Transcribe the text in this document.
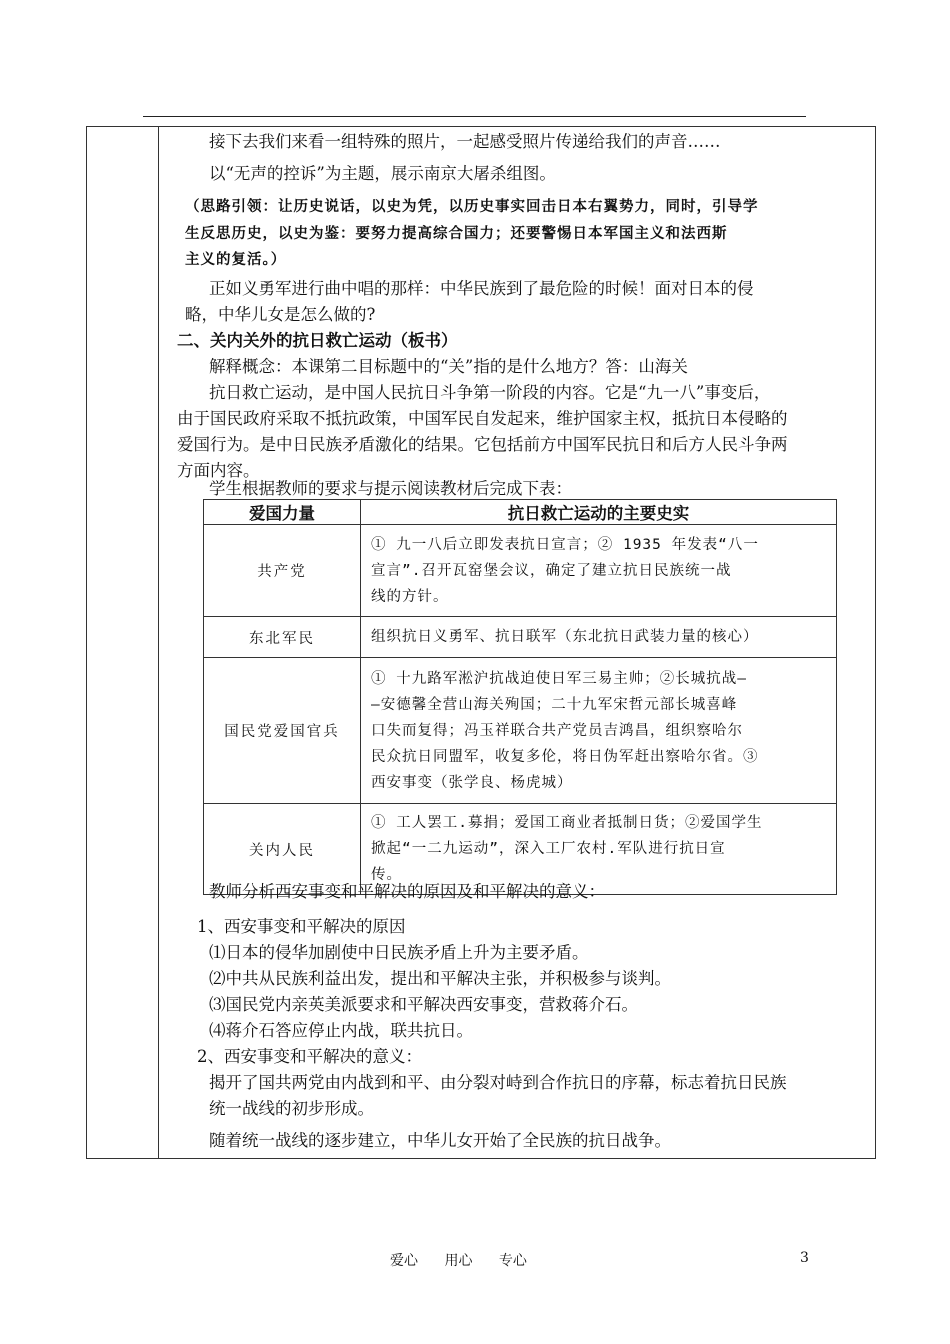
接下去我们来看一组特殊的照片，一起感受照片传递给我们的声音……
以“无声的控诉”为主题，展示南京大屠杀组图。
（思路引领：让历史说话，以史为凭，以历史事实回击日本右翼势力，同时，引导学
生反思历史，以史为鉴：要努力提高综合国力；还要警惕日本军国主义和法西斯
主义的复活。）
正如义勇军进行曲中唱的那样：中华民族到了最危险的时候！面对日本的侵
略，中华儿女是怎么做的?
二、关内关外的抗日救亡运动（板书）
解释概念：本课第二目标题中的“关”指的是什么地方？答：山海关
抗日救亡运动，是中国人民抗日斗争第一阶段的内容。它是“九一八”事变后，
由于国民政府采取不抵抗政策，中国军民自发起来，维护国家主权，抵抗日本侵略的
爱国行为。是中日民族矛盾激化的结果。它包括前方中国军民抗日和后方人民斗争两
方面内容。
学生根据教师的要求与提示阅读教材后完成下表：
爱国力量	抗日救亡运动的主要史实
共产党	① 九一八后立即发表抗日宣言；② 1935 年发表“八一
宣言”.召开瓦窑堡会议，确定了建立抗日民族统一战
线的方针。

东北军民	组织抗日义勇军、抗日联军（东北抗日武装力量的核心）

国民党爱国官兵	① 十九路军淞沪抗战迫使日军三易主帅；②长城抗战—
—安德馨全营山海关殉国；二十九军宋哲元部长城喜峰
口失而复得；冯玉祥联合共产党员吉鸿昌，组织察哈尔
民众抗日同盟军，收复多伦，将日伪军赶出察哈尔省。③
西安事变（张学良、杨虎城）

关内人民	① 工人罢工.募捐；爱国工商业者抵制日货；②爱国学生
掀起“一二九运动”，深入工厂农村.军队进行抗日宣
传。
教师分析西安事变和平解决的原因及和平解决的意义：
1、西安事变和平解决的原因
⑴日本的侵华加剧使中日民族矛盾上升为主要矛盾。
⑵中共从民族利益出发，提出和平解决主张，并积极参与谈判。
⑶国民党内亲英美派要求和平解决西安事变，营救蒋介石。
⑷蒋介石答应停止内战，联共抗日。
2、西安事变和平解决的意义：
揭开了国共两党由内战到和平、由分裂对峙到合作抗日的序幕，标志着抗日民族
统一战线的初步形成。
随着统一战线的逐步建立，中华儿女开始了全民族的抗日战争。
爱心 用心 专心	3
